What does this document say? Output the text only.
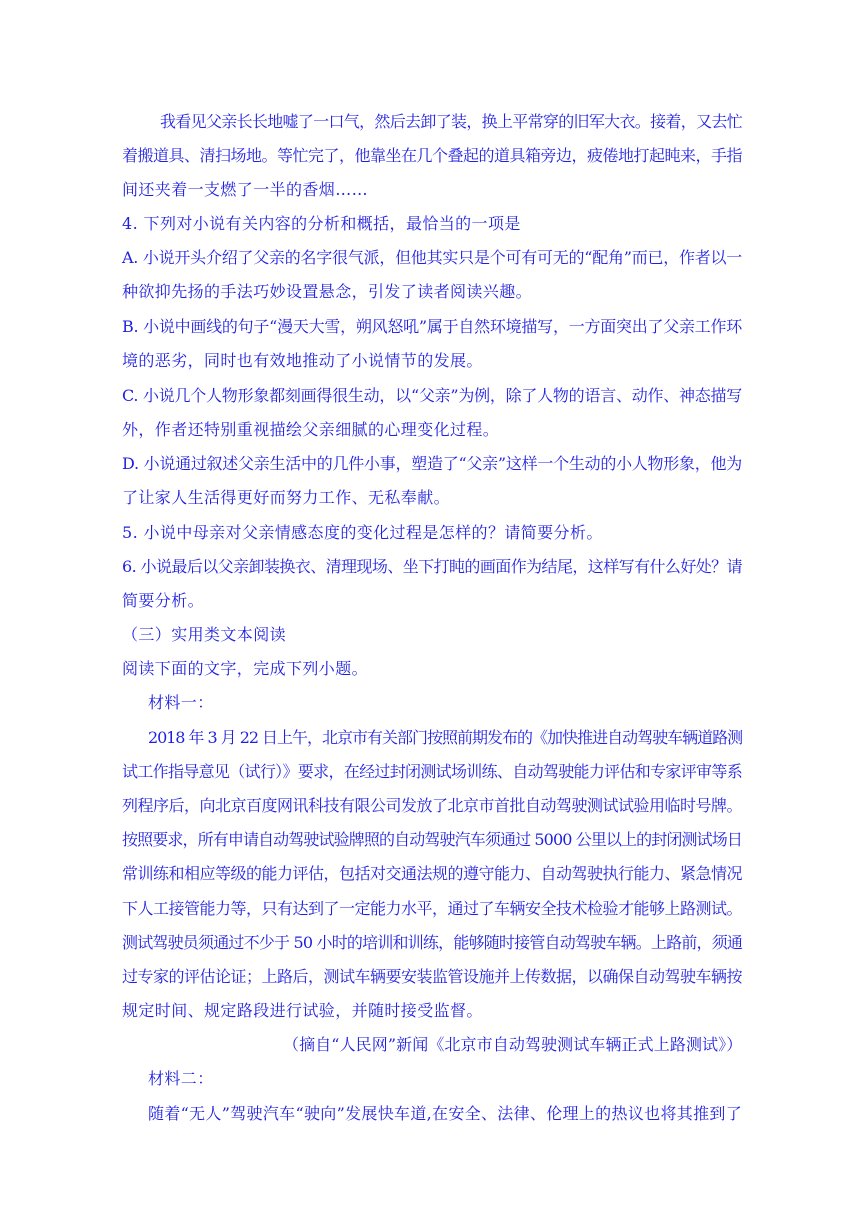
我看见父亲长长地嘘了一口气，然后去卸了装，换上平常穿的旧军大衣。接着，又去忙
着搬道具、清扫场地。等忙完了，他靠坐在几个叠起的道具箱旁边，疲倦地打起盹来，手指
间还夹着一支燃了一半的香烟……
4. 下列对小说有关内容的分析和概括，最恰当的一项是
A. 小说开头介绍了父亲的名字很气派，但他其实只是个可有可无的“配角”而已，作者以一
种欲抑先扬的手法巧妙设置悬念，引发了读者阅读兴趣。
B. 小说中画线的句子“漫天大雪，朔风怒吼”属于自然环境描写，一方面突出了父亲工作环
境的恶劣，同时也有效地推动了小说情节的发展。
C. 小说几个人物形象都刻画得很生动，以“父亲”为例，除了人物的语言、动作、神态描写
外，作者还特别重视描绘父亲细腻的心理变化过程。
D. 小说通过叙述父亲生活中的几件小事，塑造了“父亲”这样一个生动的小人物形象，他为
了让家人生活得更好而努力工作、无私奉献。
5. 小说中母亲对父亲情感态度的变化过程是怎样的？请简要分析。
6. 小说最后以父亲卸装换衣、清理现场、坐下打盹的画面作为结尾，这样写有什么好处？请
简要分析。
（三）实用类文本阅读
阅读下面的文字，完成下列小题。
材料一：
2018 年 3 月 22 日上午，北京市有关部门按照前期发布的《加快推进自动驾驶车辆道路测
试工作指导意见（试行）》要求，在经过封闭测试场训练、自动驾驶能力评估和专家评审等系
列程序后，向北京百度网讯科技有限公司发放了北京市首批自动驾驶测试试验用临时号牌。
按照要求，所有申请自动驾驶试验牌照的自动驾驶汽车须通过 5000 公里以上的封闭测试场日
常训练和相应等级的能力评估，包括对交通法规的遵守能力、自动驾驶执行能力、紧急情况
下人工接管能力等，只有达到了一定能力水平，通过了车辆安全技术检验才能够上路测试。
测试驾驶员须通过不少于 50 小时的培训和训练，能够随时接管自动驾驶车辆。上路前，须通
过专家的评估论证；上路后，测试车辆要安装监管设施并上传数据，以确保自动驾驶车辆按
规定时间、规定路段进行试验，并随时接受监督。
（摘自“人民网”新闻《北京市自动驾驶测试车辆正式上路测试》）
材料二：
随着“无人”驾驶汽车“驶向”发展快车道,在安全、法律、伦理上的热议也将其推到了
